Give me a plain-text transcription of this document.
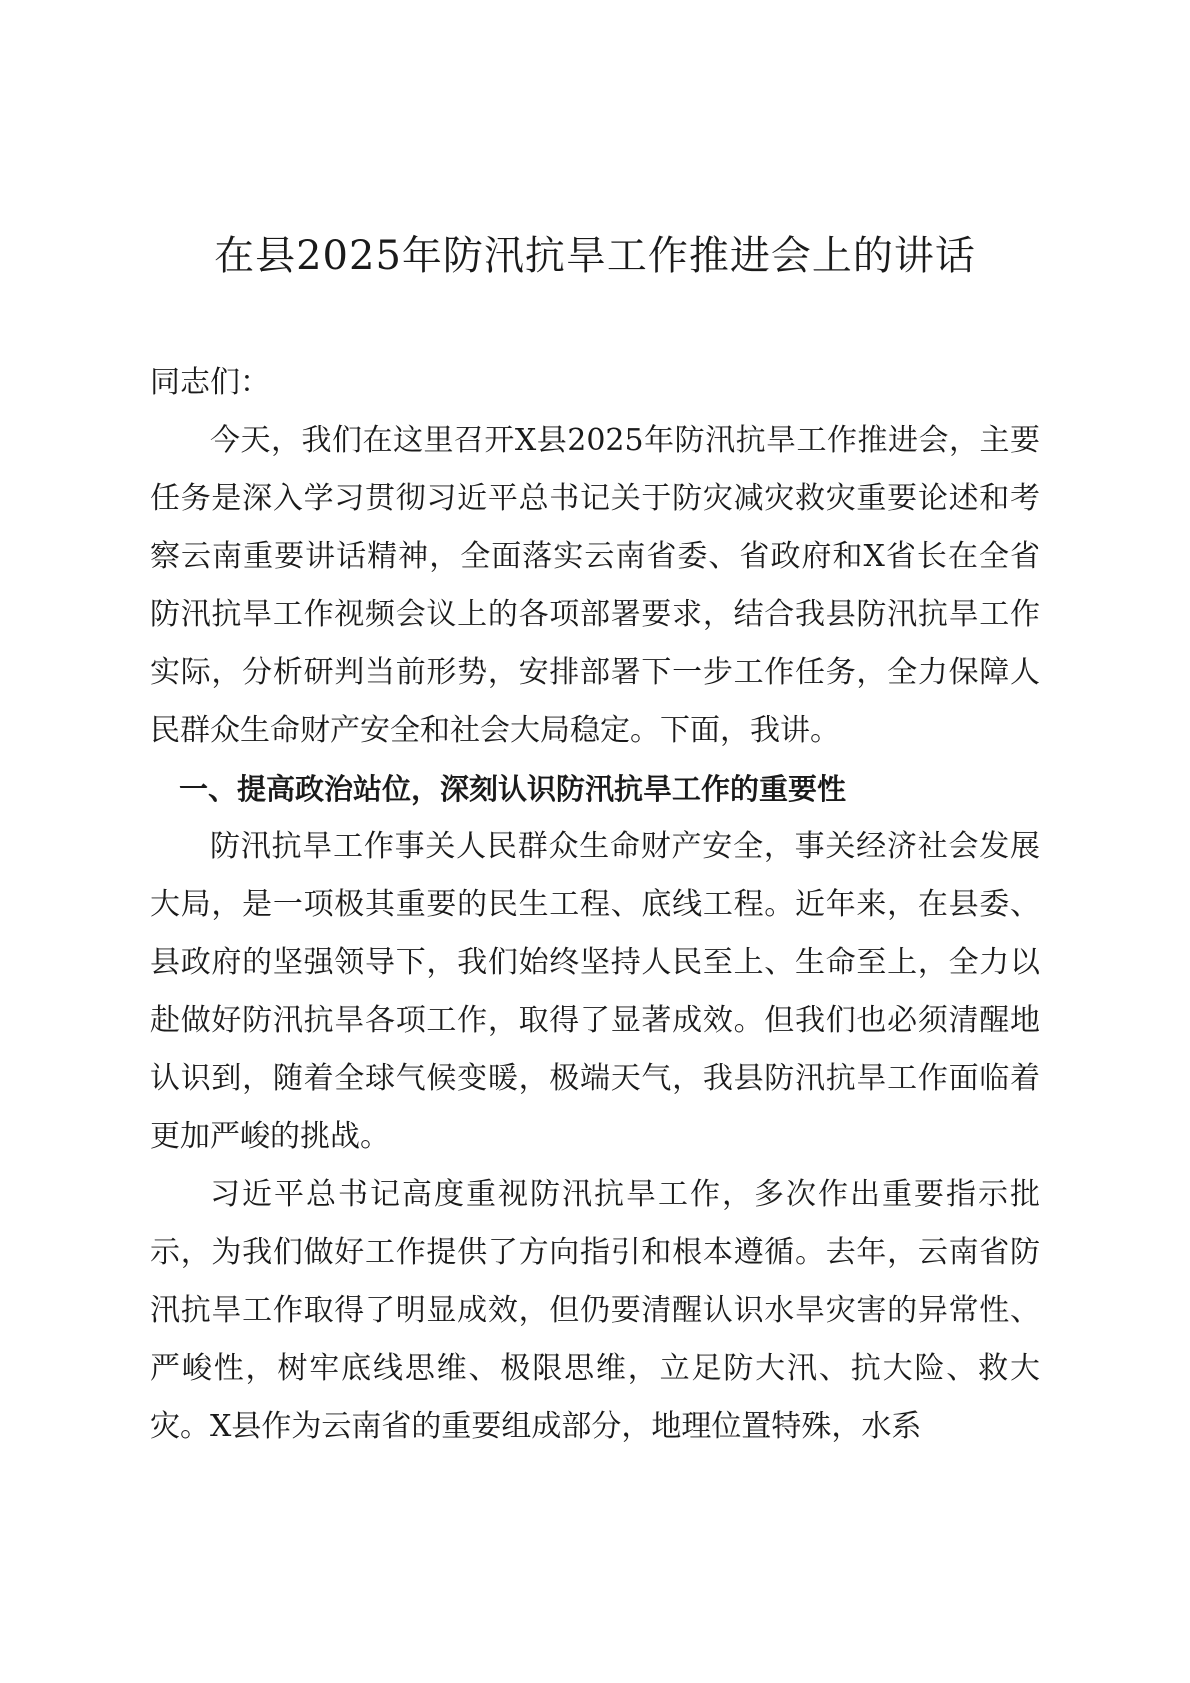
在县2025年防汛抗旱工作推进会上的讲话

同志们：

今天，我们在这里召开X县2025年防汛抗旱工作推进会，主要任务是深入学习贯彻习近平总书记关于防灾减灾救灾重要论述和考察云南重要讲话精神，全面落实云南省委、省政府和X省长在全省防汛抗旱工作视频会议上的各项部署要求，结合我县防汛抗旱工作实际，分析研判当前形势，安排部署下一步工作任务，全力保障人民群众生命财产安全和社会大局稳定。下面，我讲。

一、提高政治站位，深刻认识防汛抗旱工作的重要性

防汛抗旱工作事关人民群众生命财产安全，事关经济社会发展大局，是一项极其重要的民生工程、底线工程。近年来，在县委、县政府的坚强领导下，我们始终坚持人民至上、生命至上，全力以赴做好防汛抗旱各项工作，取得了显著成效。但我们也必须清醒地认识到，随着全球气候变暖，极端天气，我县防汛抗旱工作面临着更加严峻的挑战。

习近平总书记高度重视防汛抗旱工作，多次作出重要指示批示，为我们做好工作提供了方向指引和根本遵循。去年，云南省防汛抗旱工作取得了明显成效，但仍要清醒认识水旱灾害的异常性、严峻性，树牢底线思维、极限思维，立足防大汛、抗大险、救大灾。X县作为云南省的重要组成部分，地理位置特殊，水系
